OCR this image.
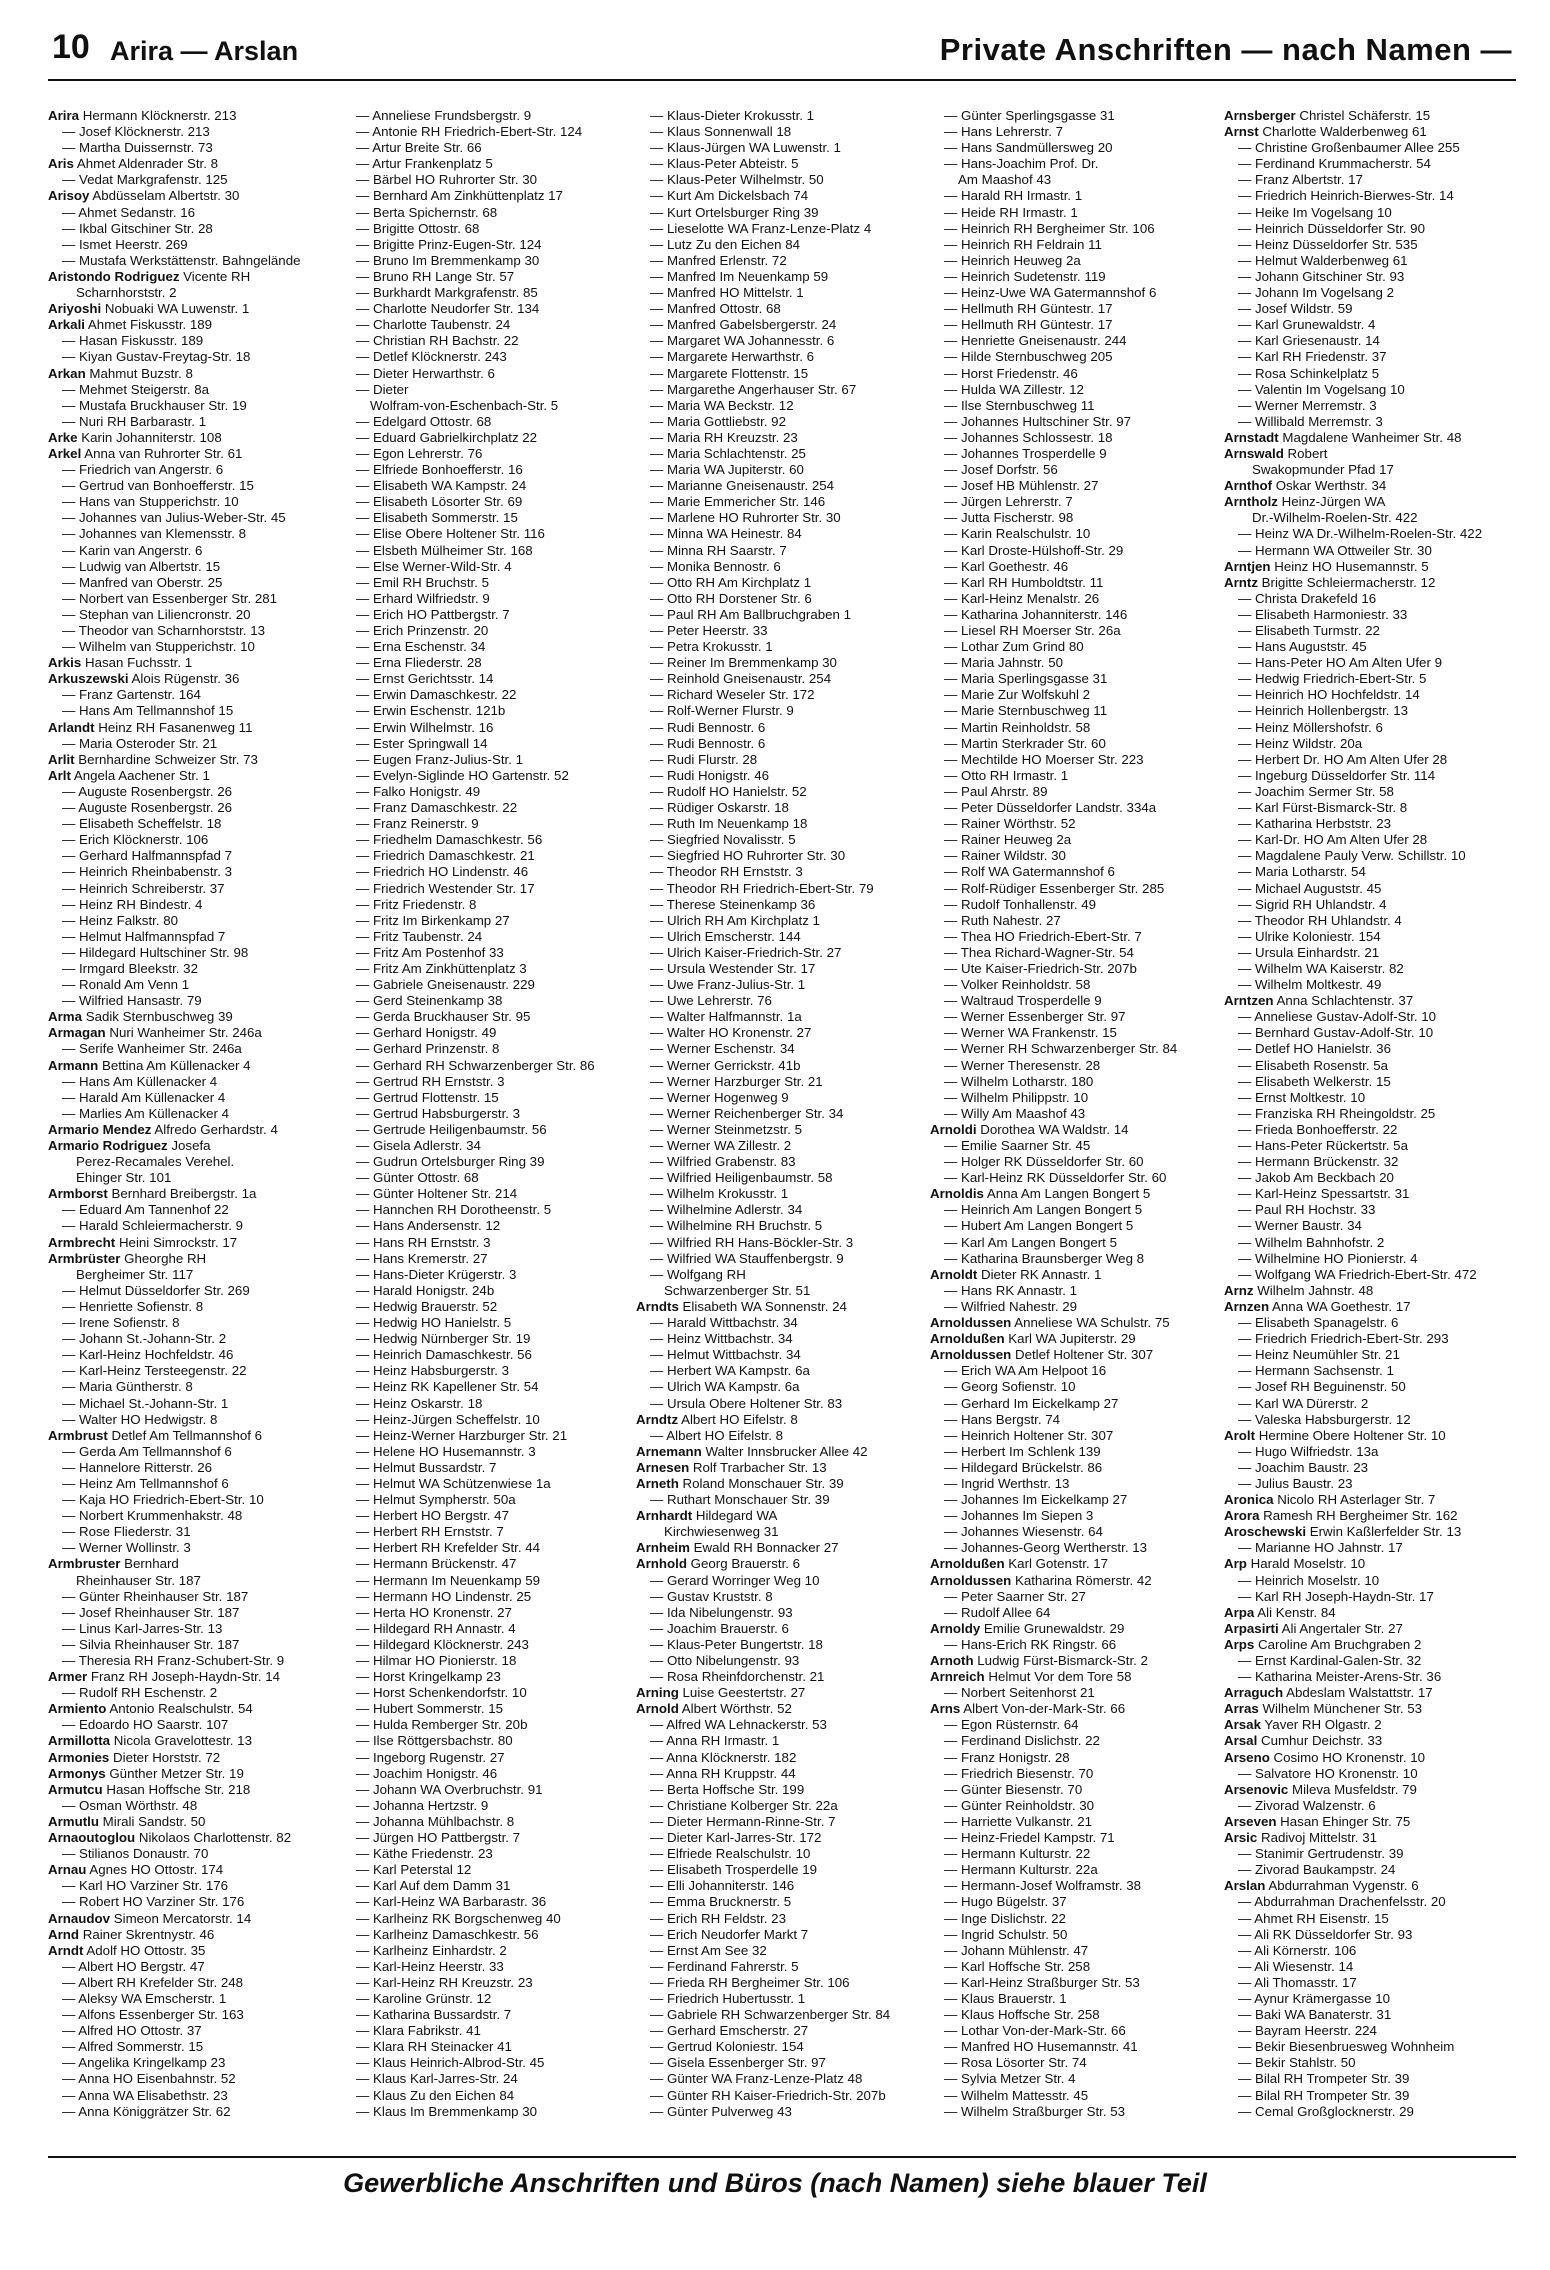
10 Arira — Arslan	Private Anschriften — nach Namen —
Arira Hermann Klöcknerstr. 213
— Josef Klöcknerstr. 213
— Martha Duissernstr. 73
Aris Ahmet Aldenrader Str. 8
— Vedat Markgrafenstr. 125
Arisoy Abdüsselam Albertstr. 30
— Ahmet Sedanstr. 16
— Ikbal Gitschiner Str. 28
— Ismet Heerstr. 269
— Mustafa Werkstättenstr. Bahngelände
Aristondo Rodriguez Vicente RH
Scharnhorststr. 2
Ariyoshi Nobuaki WA Luwenstr. 1
Arkali Ahmet Fiskusstr. 189
— Hasan Fiskusstr. 189
— Kiyan Gustav-Freytag-Str. 18
Arkan Mahmut Buzstr. 8
— Mehmet Steigerstr. 8a
— Mustafa Bruckhauser Str. 19
— Nuri RH Barbarastr. 1
Arke Karin Johanniterstr. 108
Arkel Anna van Ruhrorter Str. 61
— Friedrich van Angerstr. 6
— Gertrud van Bonhoefferstr. 15
— Hans van Stupperichstr. 10
— Johannes van Julius-Weber-Str. 45
— Johannes van Klemensstr. 8
— Karin van Angerstr. 6
— Ludwig van Albertstr. 15
— Manfred van Oberstr. 25
— Norbert van Essenberger Str. 281
— Stephan van Liliencronstr. 20
— Theodor van Scharnhorststr. 13
— Wilhelm van Stupperichstr. 10
Arkis Hasan Fuchsstr. 1
Arkuszewski Alois Rügenstr. 36
— Franz Gartenstr. 164
— Hans Am Tellmannshof 15
Arlandt Heinz RH Fasanenweg 11
— Maria Osteroder Str. 21
Arlit Bernhardine Schweizer Str. 73
Arlt Angela Aachener Str. 1
— Auguste Rosenbergstr. 26
— Auguste Rosenbergstr. 26
— Elisabeth Scheffelstr. 18
— Erich Klöcknerstr. 106
— Gerhard Halfmannspfad 7
— Heinrich Rheinbabenstr. 3
— Heinrich Schreiberstr. 37
— Heinz RH Bindestr. 4
— Heinz Falkstr. 80
— Helmut Halfmannspfad 7
— Hildegard Hultschiner Str. 98
— Irmgard Bleekstr. 32
— Ronald Am Venn 1
— Wilfried Hansastr. 79
Arma Sadik Sternbuschweg 39
Armagan Nuri Wanheimer Str. 246a
— Serife Wanheimer Str. 246a
Armann Bettina Am Küllenacker 4
— Hans Am Küllenacker 4
— Harald Am Küllenacker 4
— Marlies Am Küllenacker 4
Armario Mendez Alfredo Gerhardstr. 4
Armario Rodriguez Josefa
Perez-Recamales Verehel.
Ehinger Str. 101
Armborst Bernhard Breibergstr. 1a
— Eduard Am Tannenhof 22
— Harald Schleiermacherstr. 9
Armbrecht Heini Simrockstr. 17
Armbrüster Gheorghe RH
Bergheimer Str. 117
— Helmut Düsseldorfer Str. 269
— Henriette Sofienstr. 8
— Irene Sofienstr. 8
— Johann St.-Johann-Str. 2
— Karl-Heinz Hochfeldstr. 46
— Karl-Heinz Tersteegenstr. 22
— Maria Güntherstr. 8
— Michael St.-Johann-Str. 1
— Walter HO Hedwigstr. 8
Armbrust Detlef Am Tellmannshof 6
— Gerda Am Tellmannshof 6
— Hannelore Ritterstr. 26
— Heinz Am Tellmannshof 6
— Kaja HO Friedrich-Ebert-Str. 10
— Norbert Krummenhakstr. 48
— Rose Fliederstr. 31
— Werner Wollinstr. 3
Armbruster Bernhard
Rheinhauser Str. 187
— Günter Rheinhauser Str. 187
— Josef Rheinhauser Str. 187
— Linus Karl-Jarres-Str. 13
— Silvia Rheinhauser Str. 187
— Theresia RH Franz-Schubert-Str. 9
Armer Franz RH Joseph-Haydn-Str. 14
— Rudolf RH Eschenstr. 2
Armiento Antonio Realschulstr. 54
— Edoardo HO Saarstr. 107
Armillotta Nicola Gravelottestr. 13
Armonies Dieter Horststr. 72
Armonys Günther Metzer Str. 19
Armutcu Hasan Hoffsche Str. 218
— Osman Wörthstr. 48
Armutlu Mirali Sandstr. 50
Arnaoutoglou Nikolaos Charlottenstr. 82
— Stilianos Donaustr. 70
Arnau Agnes HO Ottostr. 174
— Karl HO Varziner Str. 176
— Robert HO Varziner Str. 176
Arnaudov Simeon Mercatorstr. 14
Arnd Rainer Skrentnystr. 46
Arndt Adolf HO Ottostr. 35
— Albert HO Bergstr. 47
— Albert RH Krefelder Str. 248
— Aleksy WA Emscherstr. 1
— Alfons Essenberger Str. 163
— Alfred HO Ottostr. 37
— Alfred Sommerstr. 15
— Angelika Kringelkamp 23
— Anna HO Eisenbahnstr. 52
— Anna WA Elisabethstr. 23
— Anna Königgrätzer Str. 62
— Anneliese Frundsbergstr. 9
— Antonie RH Friedrich-Ebert-Str. 124
— Artur Breite Str. 66
— Artur Frankenplatz 5
— Bärbel HO Ruhrorter Str. 30
— Bernhard Am Zinkhüttenplatz 17
— Berta Spichernstr. 68
— Brigitte Ottostr. 68
— Brigitte Prinz-Eugen-Str. 124
— Bruno Im Bremmenkamp 30
— Bruno RH Lange Str. 57
— Burkhardt Markgrafenstr. 85
— Charlotte Neudorfer Str. 134
— Charlotte Taubenstr. 24
— Christian RH Bachstr. 22
— Detlef Klöcknerstr. 243
— Dieter Herwarthstr. 6
— Dieter
Wolfram-von-Eschenbach-Str. 5
— Edelgard Ottostr. 68
— Eduard Gabrielkirchplatz 22
— Egon Lehrerstr. 76
— Elfriede Bonhoefferstr. 16
— Elisabeth WA Kampstr. 24
— Elisabeth Lösorter Str. 69
— Elisabeth Sommerstr. 15
— Elise Obere Holtener Str. 116
— Elsbeth Mülheimer Str. 168
— Else Werner-Wild-Str. 4
— Emil RH Bruchstr. 5
— Erhard Wilfriedstr. 9
— Erich HO Pattbergstr. 7
— Erich Prinzenstr. 20
— Erna Eschenstr. 34
— Erna Fliederstr. 28
— Ernst Gerichtsstr. 14
— Erwin Damaschkestr. 22
— Erwin Eschenstr. 121b
— Erwin Wilhelmstr. 16
— Ester Springwall 14
— Eugen Franz-Julius-Str. 1
— Evelyn-Siglinde HO Gartenstr. 52
— Falko Honigstr. 49
— Franz Damaschkestr. 22
— Franz Reinerstr. 9
— Friedhelm Damaschkestr. 56
— Friedrich Damaschkestr. 21
— Friedrich HO Lindenstr. 46
— Friedrich Westender Str. 17
— Fritz Friedenstr. 8
— Fritz Im Birkenkamp 27
— Fritz Taubenstr. 24
— Fritz Am Postenhof 33
— Fritz Am Zinkhüttenplatz 3
— Gabriele Gneisenaustr. 229
— Gerd Steinenkamp 38
— Gerda Bruckhauser Str. 95
— Gerhard Honigstr. 49
— Gerhard Prinzenstr. 8
— Gerhard RH Schwarzenberger Str. 86
— Gertrud RH Ernststr. 3
— Gertrud Flottenstr. 15
— Gertrud Habsburgerstr. 3
— Gertrude Heiligenbaumstr. 56
— Gisela Adlerstr. 34
— Gudrun Ortelsburger Ring 39
— Günter Ottostr. 68
— Günter Holtener Str. 214
— Hannchen RH Dorotheenstr. 5
— Hans Andersenstr. 12
— Hans RH Ernststr. 3
— Hans Kremerstr. 27
— Hans-Dieter Krügerstr. 3
— Harald Honigstr. 24b
— Hedwig Brauerstr. 52
— Hedwig HO Hanielstr. 5
— Hedwig Nürnberger Str. 19
— Heinrich Damaschkestr. 56
— Heinz Habsburgerstr. 3
— Heinz RK Kapellener Str. 54
— Heinz Oskarstr. 18
— Heinz-Jürgen Scheffelstr. 10
— Heinz-Werner Harzburger Str. 21
— Helene HO Husemannstr. 3
— Helmut Bussardstr. 7
— Helmut WA Schützenwiese 1a
— Helmut Sympherstr. 50a
— Herbert HO Bergstr. 47
— Herbert RH Ernststr. 7
— Herbert RH Krefelder Str. 44
— Hermann Brückenstr. 47
— Hermann Im Neuenkamp 59
— Hermann HO Lindenstr. 25
— Herta HO Kronenstr. 27
— Hildegard RH Annastr. 4
— Hildegard Klöcknerstr. 243
— Hilmar HO Pionierstr. 18
— Horst Kringelkamp 23
— Horst Schenkendorfstr. 10
— Hubert Sommerstr. 15
— Hulda Remberger Str. 20b
— Ilse Röttgersbachstr. 80
— Ingeborg Rugenstr. 27
— Joachim Honigstr. 46
— Johann WA Overbruchstr. 91
— Johanna Hertzstr. 9
— Johanna Mühlbachstr. 8
— Jürgen HO Pattbergstr. 7
— Käthe Friedenstr. 23
— Karl Peterstal 12
— Karl Auf dem Damm 31
— Karl-Heinz WA Barbarastr. 36
— Karlheinz RK Borgschenweg 40
— Karlheinz Damaschkestr. 56
— Karlheinz Einhardstr. 2
— Karl-Heinz Heerstr. 33
— Karl-Heinz RH Kreuzstr. 23
— Karoline Grünstr. 12
— Katharina Bussardstr. 7
— Klara Fabrikstr. 41
— Klara RH Steinacker 41
— Klaus Heinrich-Albrod-Str. 45
— Klaus Karl-Jarres-Str. 24
— Klaus Zu den Eichen 84
— Klaus Im Bremmenkamp 30
— Klaus-Dieter Krokusstr. 1
— Klaus Sonnenwall 18
— Klaus-Jürgen WA Luwenstr. 1
— Klaus-Peter Abteistr. 5
— Klaus-Peter Wilhelmstr. 50
— Kurt Am Dickelsbach 74
— Kurt Ortelsburger Ring 39
— Lieselotte WA Franz-Lenze-Platz 4
— Lutz Zu den Eichen 84
— Manfred Erlenstr. 72
— Manfred Im Neuenkamp 59
— Manfred HO Mittelstr. 1
— Manfred Ottostr. 68
— Manfred Gabelsbergerstr. 24
— Margaret WA Johannesstr. 6
— Margarete Herwarthstr. 6
— Margarete Flottenstr. 15
— Margarethe Angerhauser Str. 67
— Maria WA Beckstr. 12
— Maria Gottliebstr. 92
— Maria RH Kreuzstr. 23
— Maria Schlachtenstr. 25
— Maria WA Jupiterstr. 60
— Marianne Gneisenaustr. 254
— Marie Emmericher Str. 146
— Marlene HO Ruhrorter Str. 30
— Minna WA Heinestr. 84
— Minna RH Saarstr. 7
— Monika Bennostr. 6
— Otto RH Am Kirchplatz 1
— Otto RH Dorstener Str. 6
— Paul RH Am Ballbruchgraben 1
— Peter Heerstr. 33
— Petra Krokusstr. 1
— Reiner Im Bremmenkamp 30
— Reinhold Gneisenaustr. 254
— Richard Weseler Str. 172
— Rolf-Werner Flurstr. 9
— Rudi Bennostr. 6
— Rudi Bennostr. 6
— Rudi Flurstr. 28
— Rudi Honigstr. 46
— Rudolf HO Hanielstr. 52
— Rüdiger Oskarstr. 18
— Ruth Im Neuenkamp 18
— Siegfried Novalisstr. 5
— Siegfried HO Ruhrorter Str. 30
— Theodor RH Ernststr. 3
— Theodor RH Friedrich-Ebert-Str. 79
— Therese Steinenkamp 36
— Ulrich RH Am Kirchplatz 1
— Ulrich Emscherstr. 144
— Ulrich Kaiser-Friedrich-Str. 27
— Ursula Westender Str. 17
— Uwe Franz-Julius-Str. 1
— Uwe Lehrerstr. 76
— Walter Halfmannstr. 1a
— Walter HO Kronenstr. 27
— Werner Eschenstr. 34
— Werner Gerrickstr. 41b
— Werner Harzburger Str. 21
— Werner Hogenweg 9
— Werner Reichenberger Str. 34
— Werner Steinmetzstr. 5
— Werner WA Zillestr. 2
— Wilfried Grabenstr. 83
— Wilfried Heiligenbaumstr. 58
— Wilhelm Krokusstr. 1
— Wilhelmine Adlerstr. 34
— Wilhelmine RH Bruchstr. 5
— Wilfried RH Hans-Böckler-Str. 3
— Wilfried WA Stauffenbergstr. 9
— Wolfgang RH
Schwarzenberger Str. 51
Arndts Elisabeth WA Sonnenstr. 24
— Harald Wittbachstr. 34
— Heinz Wittbachstr. 34
— Helmut Wittbachstr. 34
— Herbert WA Kampstr. 6a
— Ulrich WA Kampstr. 6a
— Ursula Obere Holtener Str. 83
Arndtz Albert HO Eifelstr. 8
— Albert HO Eifelstr. 8
Arnemann Walter Innsbrucker Allee 42
Arnesen Rolf Trarbacher Str. 13
Arneth Roland Monschauer Str. 39
— Ruthart Monschauer Str. 39
Arnhardt Hildegard WA
Kirchwiesenweg 31
Arnheim Ewald RH Bonnacker 27
Arnhold Georg Brauerstr. 6
— Gerard Worringer Weg 10
— Gustav Kruststr. 8
— Ida Nibelungenstr. 93
— Joachim Brauerstr. 6
— Klaus-Peter Bungertstr. 18
— Otto Nibelungenstr. 93
— Rosa Rheinfdorchenstr. 21
Arning Luise Geestertstr. 27
Arnold Albert Wörthstr. 52
— Alfred WA Lehnackerstr. 53
— Anna RH Irmastr. 1
— Anna Klöcknerstr. 182
— Anna RH Kruppstr. 44
— Berta Hoffsche Str. 199
— Christiane Kolberger Str. 22a
— Dieter Hermann-Rinne-Str. 7
— Dieter Karl-Jarres-Str. 172
— Elfriede Realschulstr. 10
— Elisabeth Trosperdelle 19
— Elli Johanniterstr. 146
— Emma Brucknerstr. 5
— Erich RH Feldstr. 23
— Erich Neudorfer Markt 7
— Ernst Am See 32
— Ferdinand Fahrerstr. 5
— Frieda RH Bergheimer Str. 106
— Friedrich Hubertusstr. 1
— Gabriele RH Schwarzenberger Str. 84
— Gerhard Emscherstr. 27
— Gertrud Koloniestr. 154
— Gisela Essenberger Str. 97
— Günter WA Franz-Lenze-Platz 48
— Günter RH Kaiser-Friedrich-Str. 207b
— Günter Pulverweg 43
— Günter Sperlingsgasse 31
— Hans Lehrerstr. 7
— Hans Sandmüllersweg 20
— Hans-Joachim Prof. Dr.
Am Maashof 43
— Harald RH Irmastr. 1
— Heide RH Irmastr. 1
— Heinrich RH Bergheimer Str. 106
— Heinrich RH Feldrain 11
— Heinrich Heuweg 2a
— Heinrich Sudetenstr. 119
— Heinz-Uwe WA Gatermannshof 6
— Hellmuth RH Güntestr. 17
— Hellmuth RH Güntestr. 17
— Henriette Gneisenaustr. 244
— Hilde Sternbuschweg 205
— Horst Friedenstr. 46
— Hulda WA Zillestr. 12
— Ilse Sternbuschweg 11
— Johannes Hultschiner Str. 97
— Johannes Schlossestr. 18
— Johannes Trosperdelle 9
— Josef Dorfstr. 56
— Josef HB Mühlenstr. 27
— Jürgen Lehrerstr. 7
— Jutta Fischerstr. 98
— Karin Realschulstr. 10
— Karl Droste-Hülshoff-Str. 29
— Karl Goethestr. 46
— Karl RH Humboldtstr. 11
— Karl-Heinz Menalstr. 26
— Katharina Johanniterstr. 146
— Liesel RH Moerser Str. 26a
— Lothar Zum Grind 80
— Maria Jahnstr. 50
— Maria Sperlingsgasse 31
— Marie Zur Wolfskuhl 2
— Marie Sternbuschweg 11
— Martin Reinholdstr. 58
— Martin Sterkrader Str. 60
— Mechtilde HO Moerser Str. 223
— Otto RH Irmastr. 1
— Paul Ahrstr. 89
— Peter Düsseldorfer Landstr. 334a
— Rainer Wörthstr. 52
— Rainer Heuweg 2a
— Rainer Wildstr. 30
— Rolf WA Gatermannshof 6
— Rolf-Rüdiger Essenberger Str. 285
— Rudolf Tonhallenstr. 49
— Ruth Nahestr. 27
— Thea HO Friedrich-Ebert-Str. 7
— Thea Richard-Wagner-Str. 54
— Ute Kaiser-Friedrich-Str. 207b
— Volker Reinholdstr. 58
— Waltraud Trosperdelle 9
— Werner Essenberger Str. 97
— Werner WA Frankenstr. 15
— Werner RH Schwarzenberger Str. 84
— Werner Theresenstr. 28
— Wilhelm Lotharstr. 180
— Wilhelm Philippstr. 10
— Willy Am Maashof 43
Arnoldi Dorothea WA Waldstr. 14
— Emilie Saarner Str. 45
— Holger RK Düsseldorfer Str. 60
— Karl-Heinz RK Düsseldorfer Str. 60
Arnoldis Anna Am Langen Bongert 5
— Heinrich Am Langen Bongert 5
— Hubert Am Langen Bongert 5
— Karl Am Langen Bongert 5
— Katharina Braunsberger Weg 8
Arnoldt Dieter RK Annastr. 1
— Hans RK Annastr. 1
— Wilfried Nahestr. 29
Arnoldussen Anneliese WA Schulstr. 75
Arnoldußen Karl WA Jupiterstr. 29
Arnoldussen Detlef Holtener Str. 307
— Erich WA Am Helpoot 16
— Georg Sofienstr. 10
— Gerhard Im Eickelkamp 27
— Hans Bergstr. 74
— Heinrich Holtener Str. 307
— Herbert Im Schlenk 139
— Hildegard Brückelstr. 86
— Ingrid Werthstr. 13
— Johannes Im Eickelkamp 27
— Johannes Im Siepen 3
— Johannes Wiesenstr. 64
— Johannes-Georg Wertherstr. 13
Arnoldußen Karl Gotenstr. 17
Arnoldussen Katharina Römerstr. 42
— Peter Saarner Str. 27
— Rudolf Allee 64
Arnoldy Emilie Grunewaldstr. 29
— Hans-Erich RK Ringstr. 66
Arnoth Ludwig Fürst-Bismarck-Str. 2
Arnreich Helmut Vor dem Tore 58
— Norbert Seitenhorst 21
Arns Albert Von-der-Mark-Str. 66
— Egon Rüsternstr. 64
— Ferdinand Dislichstr. 22
— Franz Honigstr. 28
— Friedrich Biesenstr. 70
— Günter Biesenstr. 70
— Günter Reinholdstr. 30
— Harriette Vulkanstr. 21
— Heinz-Friedel Kampstr. 71
— Hermann Kulturstr. 22
— Hermann Kulturstr. 22a
— Hermann-Josef Wolframstr. 38
— Hugo Bügelstr. 37
— Inge Dislichstr. 22
— Ingrid Schulstr. 50
— Johann Mühlenstr. 47
— Karl Hoffsche Str. 258
— Karl-Heinz Straßburger Str. 53
— Klaus Brauerstr. 1
— Klaus Hoffsche Str. 258
— Lothar Von-der-Mark-Str. 66
— Manfred HO Husemannstr. 41
— Rosa Lösorter Str. 74
— Sylvia Metzer Str. 4
— Wilhelm Mattesstr. 45
— Wilhelm Straßburger Str. 53
Arnsberger Christel Schäferstr. 15
Arnst Charlotte Walderbenweg 61
— Christine Großenbaumer Allee 255
— Ferdinand Krummacherstr. 54
— Franz Albertstr. 17
— Friedrich Heinrich-Bierwes-Str. 14
— Heike Im Vogelsang 10
— Heinrich Düsseldorfer Str. 90
— Heinz Düsseldorfer Str. 535
— Helmut Walderbenweg 61
— Johann Gitschiner Str. 93
— Johann Im Vogelsang 2
— Josef Wildstr. 59
— Karl Grunewaldstr. 4
— Karl Griesenaustr. 14
— Karl RH Friedenstr. 37
— Rosa Schinkelplatz 5
— Valentin Im Vogelsang 10
— Werner Merremstr. 3
— Willibald Merremstr. 3
Arnstadt Magdalene Wanheimer Str. 48
Arnswald Robert
Swakopmunder Pfad 17
Arnthof Oskar Werthstr. 34
Arntholz Heinz-Jürgen WA
Dr.-Wilhelm-Roelen-Str. 422
— Heinz WA Dr.-Wilhelm-Roelen-Str. 422
— Hermann WA Ottweiler Str. 30
Arntjen Heinz HO Husemannstr. 5
Arntz Brigitte Schleiermacherstr. 12
— Christa Drakefeld 16
— Elisabeth Harmoniestr. 33
— Elisabeth Turmstr. 22
— Hans Auguststr. 45
— Hans-Peter HO Am Alten Ufer 9
— Hedwig Friedrich-Ebert-Str. 5
— Heinrich HO Hochfeldstr. 14
— Heinrich Hollenbergstr. 13
— Heinz Möllershofstr. 6
— Heinz Wildstr. 20a
— Herbert Dr. HO Am Alten Ufer 28
— Ingeburg Düsseldorfer Str. 114
— Joachim Sermer Str. 58
— Karl Fürst-Bismarck-Str. 8
— Katharina Herbststr. 23
— Karl-Dr. HO Am Alten Ufer 28
— Magdalene Pauly Verw. Schillstr. 10
— Maria Lotharstr. 54
— Michael Auguststr. 45
— Sigrid RH Uhlandstr. 4
— Theodor RH Uhlandstr. 4
— Ulrike Koloniestr. 154
— Ursula Einhardstr. 21
— Wilhelm WA Kaiserstr. 82
— Wilhelm Moltkestr. 49
Arntzen Anna Schlachtenstr. 37
— Anneliese Gustav-Adolf-Str. 10
— Bernhard Gustav-Adolf-Str. 10
— Detlef HO Hanielstr. 36
— Elisabeth Rosenstr. 5a
— Elisabeth Welkerstr. 15
— Ernst Moltkestr. 10
— Franziska RH Rheingoldstr. 25
— Frieda Bonhoefferstr. 22
— Hans-Peter Rückertstr. 5a
— Hermann Brückenstr. 32
— Jakob Am Beckbach 20
— Karl-Heinz Spessartstr. 31
— Paul RH Hochstr. 33
— Werner Baustr. 34
— Wilhelm Bahnhofstr. 2
— Wilhelmine HO Pionierstr. 4
— Wolfgang WA Friedrich-Ebert-Str. 472
Arnz Wilhelm Jahnstr. 48
Arnzen Anna WA Goethestr. 17
— Elisabeth Spanagelstr. 6
— Friedrich Friedrich-Ebert-Str. 293
— Heinz Neumühler Str. 21
— Hermann Sachsenstr. 1
— Josef RH Beguinenstr. 50
— Karl WA Dürerstr. 2
— Valeska Habsburgerstr. 12
Arolt Hermine Obere Holtener Str. 10
— Hugo Wilfriedstr. 13a
— Joachim Baustr. 23
— Julius Baustr. 23
Aronica Nicolo RH Asterlager Str. 7
Arora Ramesh RH Bergheimer Str. 162
Aroschewski Erwin Kaßlerfelder Str. 13
— Marianne HO Jahnstr. 17
Arp Harald Moselstr. 10
— Heinrich Moselstr. 10
— Karl RH Joseph-Haydn-Str. 17
Arpa Ali Kenstr. 84
Arpasirti Ali Angertaler Str. 27
Arps Caroline Am Bruchgraben 2
— Ernst Kardinal-Galen-Str. 32
— Katharina Meister-Arens-Str. 36
Arraguch Abdeslam Walstattstr. 17
Arras Wilhelm Münchener Str. 53
Arsak Yaver RH Olgastr. 2
Arsal Cumhur Deichstr. 33
Arseno Cosimo HO Kronenstr. 10
— Salvatore HO Kronenstr. 10
Arsenovic Mileva Musfeldstr. 79
— Zivorad Walzenstr. 6
Arseven Hasan Ehinger Str. 75
Arsic Radivoj Mittelstr. 31
— Stanimir Gertrudenstr. 39
— Zivorad Baukampstr. 24
Arslan Abdurrahman Vygenstr. 6
— Abdurrahman Drachenfelsstr. 20
— Ahmet RH Eisenstr. 15
— Ali RK Düsseldorfer Str. 93
— Ali Körnerstr. 106
— Ali Wiesenstr. 14
— Ali Thomasstr. 17
— Aynur Krämergasse 10
— Baki WA Banaterstr. 31
— Bayram Heerstr. 224
— Bekir Biesenbruesweg Wohnheim
— Bekir Stahlstr. 50
— Bilal RH Trompeter Str. 39
— Bilal RH Trompeter Str. 39
— Cemal Großglocknerstr. 29
Gewerbliche Anschriften und Büros (nach Namen) siehe blauer Teil
